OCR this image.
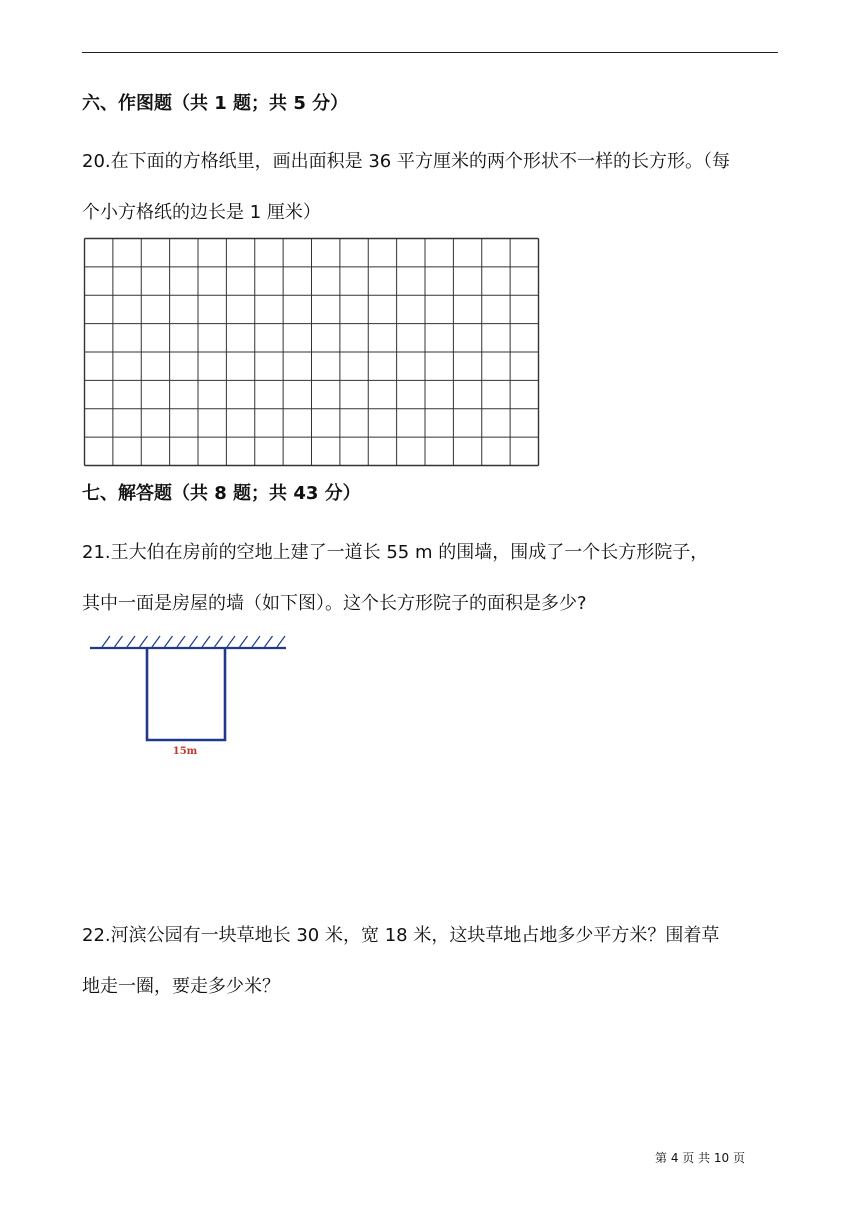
六、作图题（共 1 题；共 5 分）

20.在下面的方格纸里，画出面积是 36 平方厘米的两个形状不一样的长方形。（每

个小方格纸的边长是 1 厘米）

七、解答题（共 8 题；共 43 分）

21.王大伯在房前的空地上建了一道长 55 m 的围墙，围成了一个长方形院子，

其中一面是房屋的墙（如下图）。这个长方形院子的面积是多少?

15m

22.河滨公园有一块草地长 30 米，宽 18 米，这块草地占地多少平方米？围着草

地走一圈，要走多少米？

第 4 页 共 10 页
